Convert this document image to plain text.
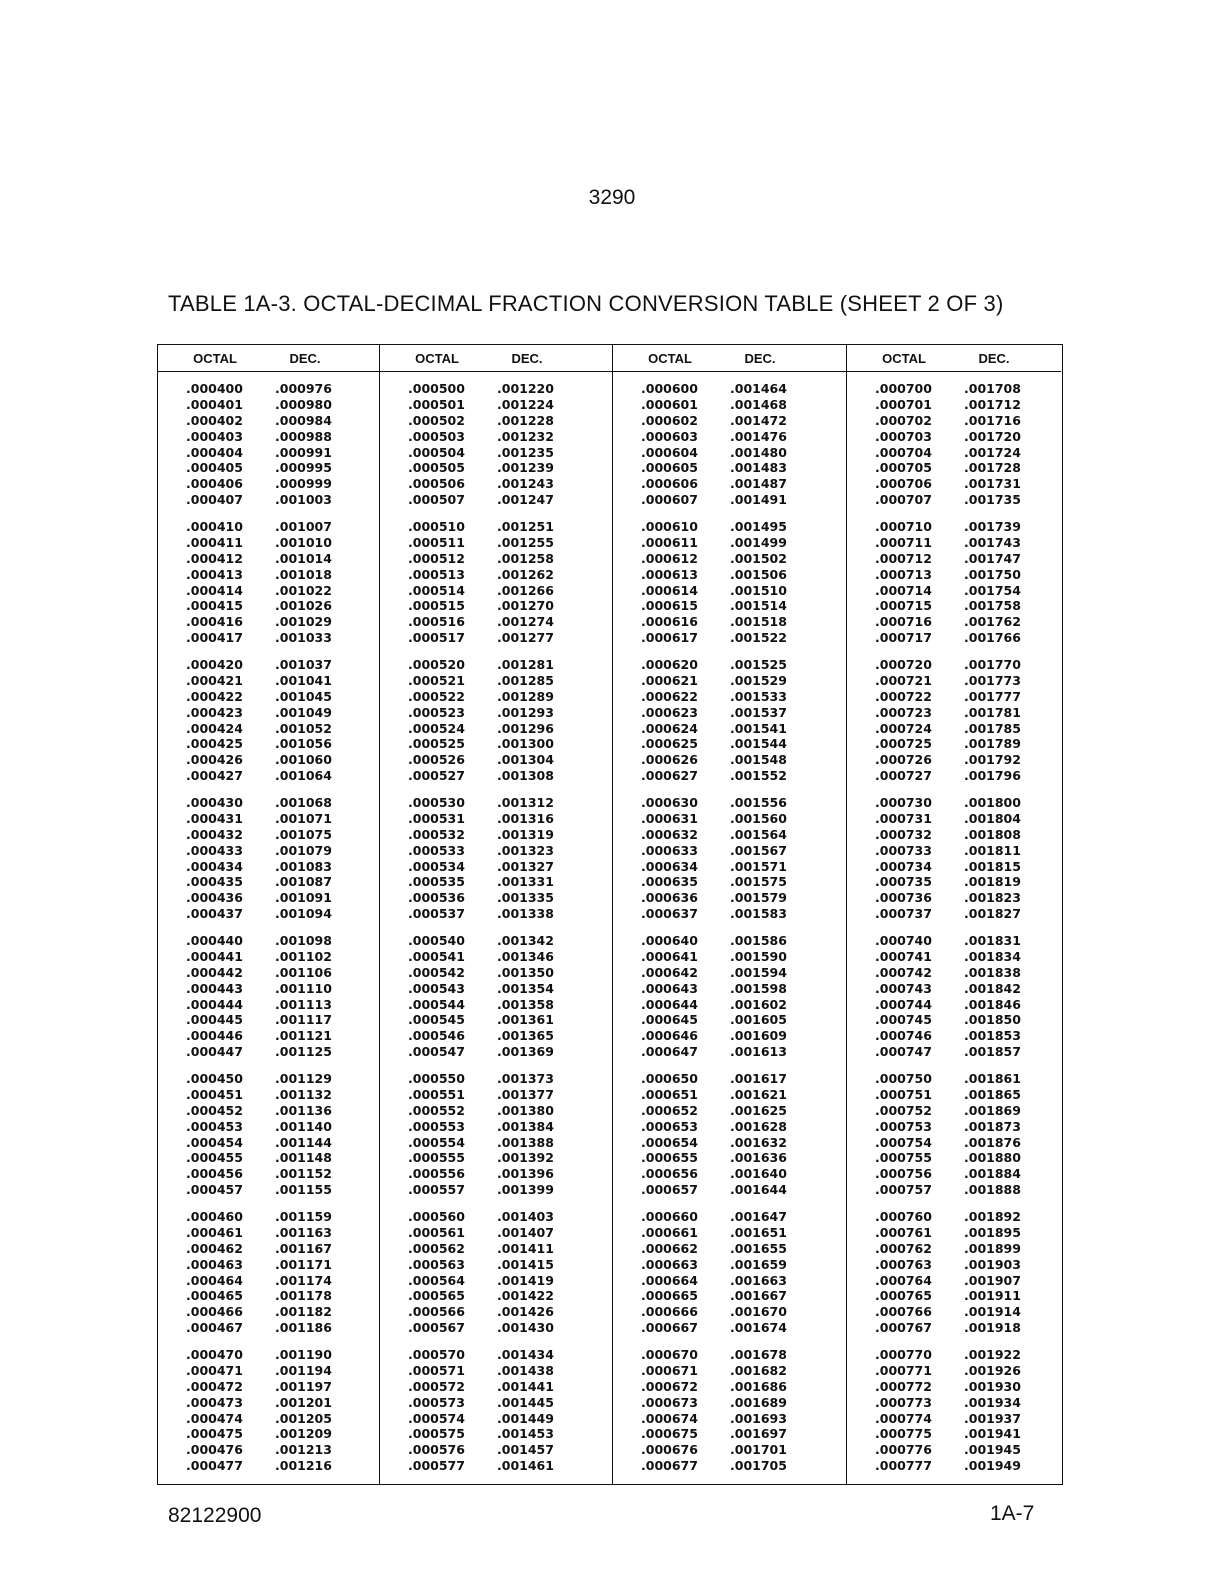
3290
TABLE 1A-3. OCTAL-DECIMAL FRACTION CONVERSION TABLE (SHEET 2 OF 3)
OCTAL	DEC.
.000400	.000976
.000401	.000980
.000402	.000984
.000403	.000988
.000404	.000991
.000405	.000995
.000406	.000999
.000407	.001003
.000410	.001007
.000411	.001010
.000412	.001014
.000413	.001018
.000414	.001022
.000415	.001026
.000416	.001029
.000417	.001033
.000420	.001037
.000421	.001041
.000422	.001045
.000423	.001049
.000424	.001052
.000425	.001056
.000426	.001060
.000427	.001064
.000430	.001068
.000431	.001071
.000432	.001075
.000433	.001079
.000434	.001083
.000435	.001087
.000436	.001091
.000437	.001094
.000440	.001098
.000441	.001102
.000442	.001106
.000443	.001110
.000444	.001113
.000445	.001117
.000446	.001121
.000447	.001125
.000450	.001129
.000451	.001132
.000452	.001136
.000453	.001140
.000454	.001144
.000455	.001148
.000456	.001152
.000457	.001155
.000460	.001159
.000461	.001163
.000462	.001167
.000463	.001171
.000464	.001174
.000465	.001178
.000466	.001182
.000467	.001186
.000470	.001190
.000471	.001194
.000472	.001197
.000473	.001201
.000474	.001205
.000475	.001209
.000476	.001213
.000477	.001216
OCTAL	DEC.
.000500	.001220
.000501	.001224
.000502	.001228
.000503	.001232
.000504	.001235
.000505	.001239
.000506	.001243
.000507	.001247
.000510	.001251
.000511	.001255
.000512	.001258
.000513	.001262
.000514	.001266
.000515	.001270
.000516	.001274
.000517	.001277
.000520	.001281
.000521	.001285
.000522	.001289
.000523	.001293
.000524	.001296
.000525	.001300
.000526	.001304
.000527	.001308
.000530	.001312
.000531	.001316
.000532	.001319
.000533	.001323
.000534	.001327
.000535	.001331
.000536	.001335
.000537	.001338
.000540	.001342
.000541	.001346
.000542	.001350
.000543	.001354
.000544	.001358
.000545	.001361
.000546	.001365
.000547	.001369
.000550	.001373
.000551	.001377
.000552	.001380
.000553	.001384
.000554	.001388
.000555	.001392
.000556	.001396
.000557	.001399
.000560	.001403
.000561	.001407
.000562	.001411
.000563	.001415
.000564	.001419
.000565	.001422
.000566	.001426
.000567	.001430
.000570	.001434
.000571	.001438
.000572	.001441
.000573	.001445
.000574	.001449
.000575	.001453
.000576	.001457
.000577	.001461
OCTAL	DEC.
.000600	.001464
.000601	.001468
.000602	.001472
.000603	.001476
.000604	.001480
.000605	.001483
.000606	.001487
.000607	.001491
.000610	.001495
.000611	.001499
.000612	.001502
.000613	.001506
.000614	.001510
.000615	.001514
.000616	.001518
.000617	.001522
.000620	.001525
.000621	.001529
.000622	.001533
.000623	.001537
.000624	.001541
.000625	.001544
.000626	.001548
.000627	.001552
.000630	.001556
.000631	.001560
.000632	.001564
.000633	.001567
.000634	.001571
.000635	.001575
.000636	.001579
.000637	.001583
.000640	.001586
.000641	.001590
.000642	.001594
.000643	.001598
.000644	.001602
.000645	.001605
.000646	.001609
.000647	.001613
.000650	.001617
.000651	.001621
.000652	.001625
.000653	.001628
.000654	.001632
.000655	.001636
.000656	.001640
.000657	.001644
.000660	.001647
.000661	.001651
.000662	.001655
.000663	.001659
.000664	.001663
.000665	.001667
.000666	.001670
.000667	.001674
.000670	.001678
.000671	.001682
.000672	.001686
.000673	.001689
.000674	.001693
.000675	.001697
.000676	.001701
.000677	.001705
OCTAL	DEC.
.000700	.001708
.000701	.001712
.000702	.001716
.000703	.001720
.000704	.001724
.000705	.001728
.000706	.001731
.000707	.001735
.000710	.001739
.000711	.001743
.000712	.001747
.000713	.001750
.000714	.001754
.000715	.001758
.000716	.001762
.000717	.001766
.000720	.001770
.000721	.001773
.000722	.001777
.000723	.001781
.000724	.001785
.000725	.001789
.000726	.001792
.000727	.001796
.000730	.001800
.000731	.001804
.000732	.001808
.000733	.001811
.000734	.001815
.000735	.001819
.000736	.001823
.000737	.001827
.000740	.001831
.000741	.001834
.000742	.001838
.000743	.001842
.000744	.001846
.000745	.001850
.000746	.001853
.000747	.001857
.000750	.001861
.000751	.001865
.000752	.001869
.000753	.001873
.000754	.001876
.000755	.001880
.000756	.001884
.000757	.001888
.000760	.001892
.000761	.001895
.000762	.001899
.000763	.001903
.000764	.001907
.000765	.001911
.000766	.001914
.000767	.001918
.000770	.001922
.000771	.001926
.000772	.001930
.000773	.001934
.000774	.001937
.000775	.001941
.000776	.001945
.000777	.001949
82122900	1A-7
